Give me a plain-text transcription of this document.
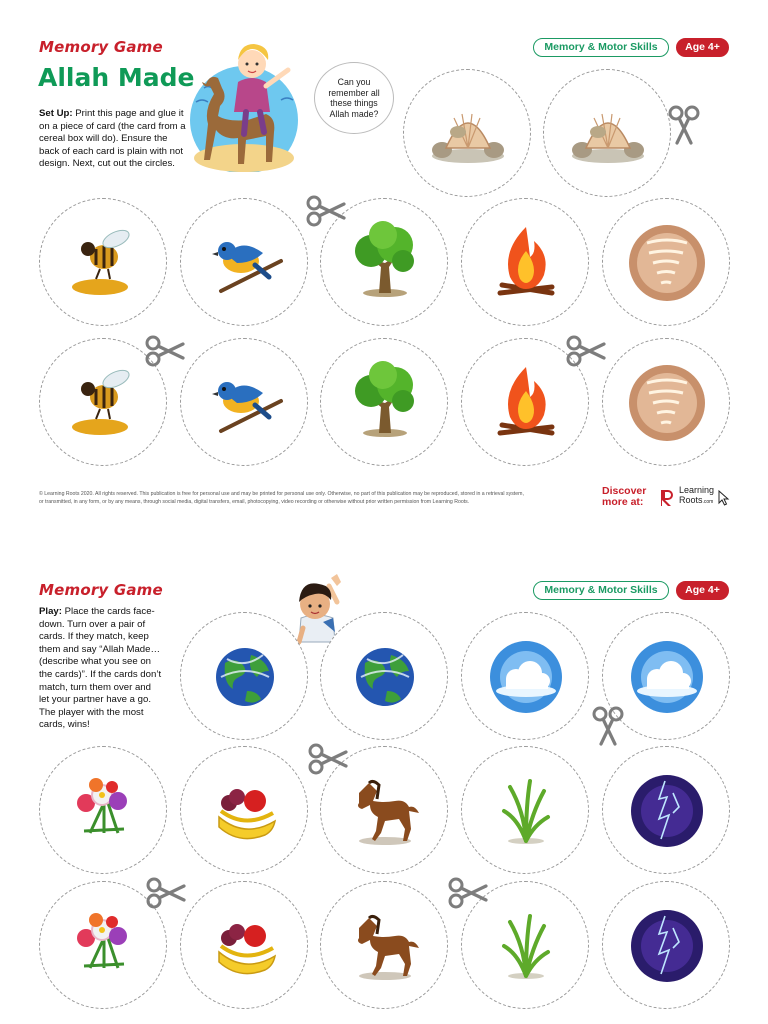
Memory Game
Allah Made
Memory & Motor Skills	Age 4+
Set Up: Print this page and glue it on a piece of card (the card from a cereal box will do). Ensure the back of each card is plain with not design. Next, cut out the circles.
Can you remember all these things Allah made?
© Learning Roots 2020. All rights reserved. This publication is free for personal use and may be printed for personal use only. Otherwise, no part of this publication may be reproduced, stored in a retrieval system,
or transmitted, in any form, or by any means, through social media, digital transfers, email, photocopying, video recording or otherwise without prior written permission from Learning Roots.
Discover
more at:
Learning
Roots.com
Memory Game	Memory & Motor Skills	Age 4+
Play: Place the cards face-down. Turn over a pair of cards. If they match, keep them and say “Allah Made… (describe what you see on the cards)”. If the cards don’t match, turn them over and let your partner have a go. The player with the most cards, wins!
